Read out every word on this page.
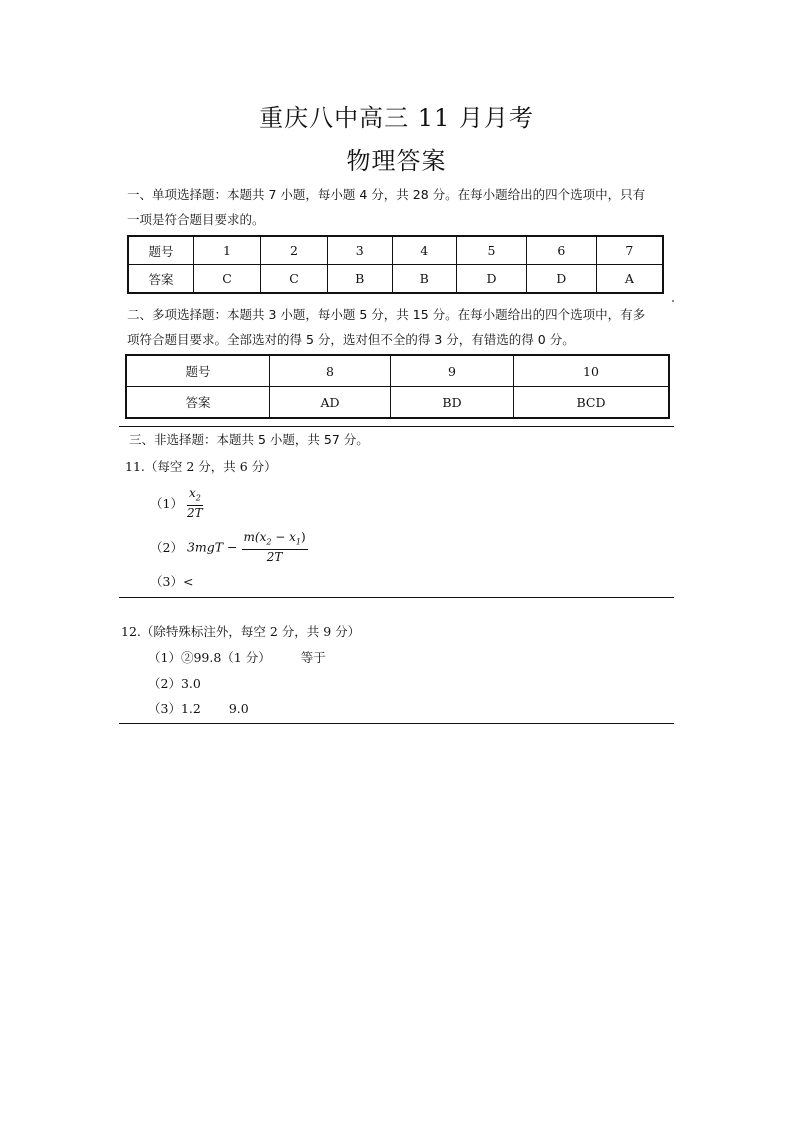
重庆八中高三 11 月月考
物理答案
一、单项选择题：本题共 7 小题，每小题 4 分，共 28 分。在每小题给出的四个选项中，只有
一项是符合题目要求的。
题号	1	2	3	4	5	6	7
答案	C	C	B	B	D	D	A
二、多项选择题：本题共 3 小题，每小题 5 分，共 15 分。在每小题给出的四个选项中，有多
项符合题目要求。全部选对的得 5 分，选对但不全的得 3 分，有错选的得 0 分。
题号	8	9	10
答案	AD	BD	BCD
三、非选择题：本题共 5 小题，共 57 分。
11.（每空 2 分，共 6 分）
$(1) \frac{x_2}{2T}$
（2） $3mgT - \frac{m(x_2 - x_1)}{2T}$
（3）<
12.（除特殊标注外，每空 2 分，共 9 分）
（1）②99.8（1 分） 等于
（2）3.0
（3）1.2 9.0
